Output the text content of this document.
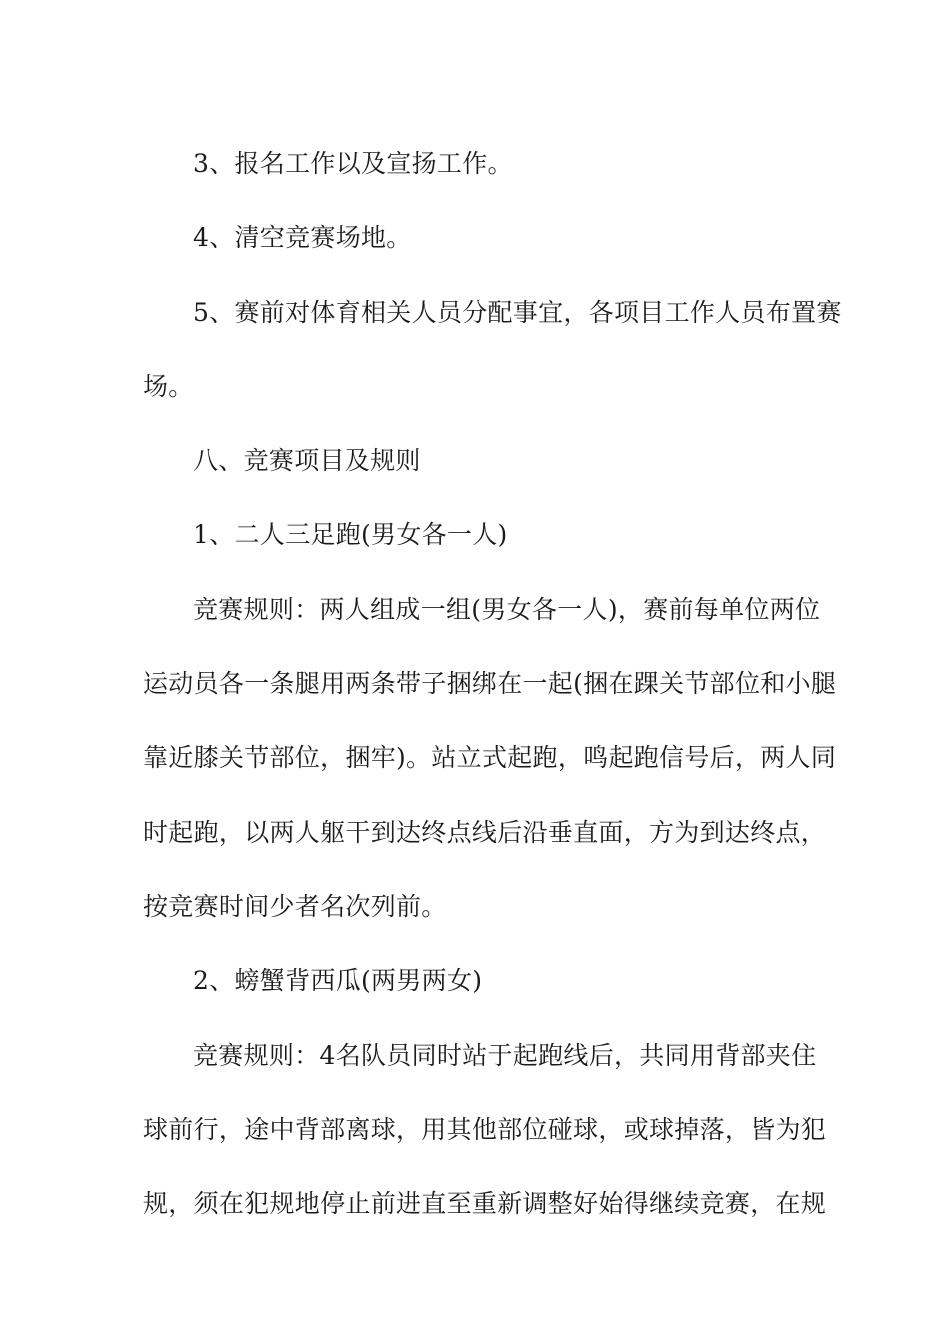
3、报名工作以及宣扬工作。

4、清空竞赛场地。

5、赛前对体育相关人员分配事宜，各项目工作人员布置赛
场。

八、竞赛项目及规则

1、二人三足跑(男女各一人)

竞赛规则：两人组成一组(男女各一人)，赛前每单位两位
运动员各一条腿用两条带子捆绑在一起(捆在踝关节部位和小腿
靠近膝关节部位，捆牢)。站立式起跑，鸣起跑信号后，两人同
时起跑，以两人躯干到达终点线后沿垂直面，方为到达终点，
按竞赛时间少者名次列前。

2、螃蟹背西瓜(两男两女)

竞赛规则：4名队员同时站于起跑线后，共同用背部夹住
球前行，途中背部离球，用其他部位碰球，或球掉落，皆为犯
规，须在犯规地停止前进直至重新调整好始得继续竞赛，在规
